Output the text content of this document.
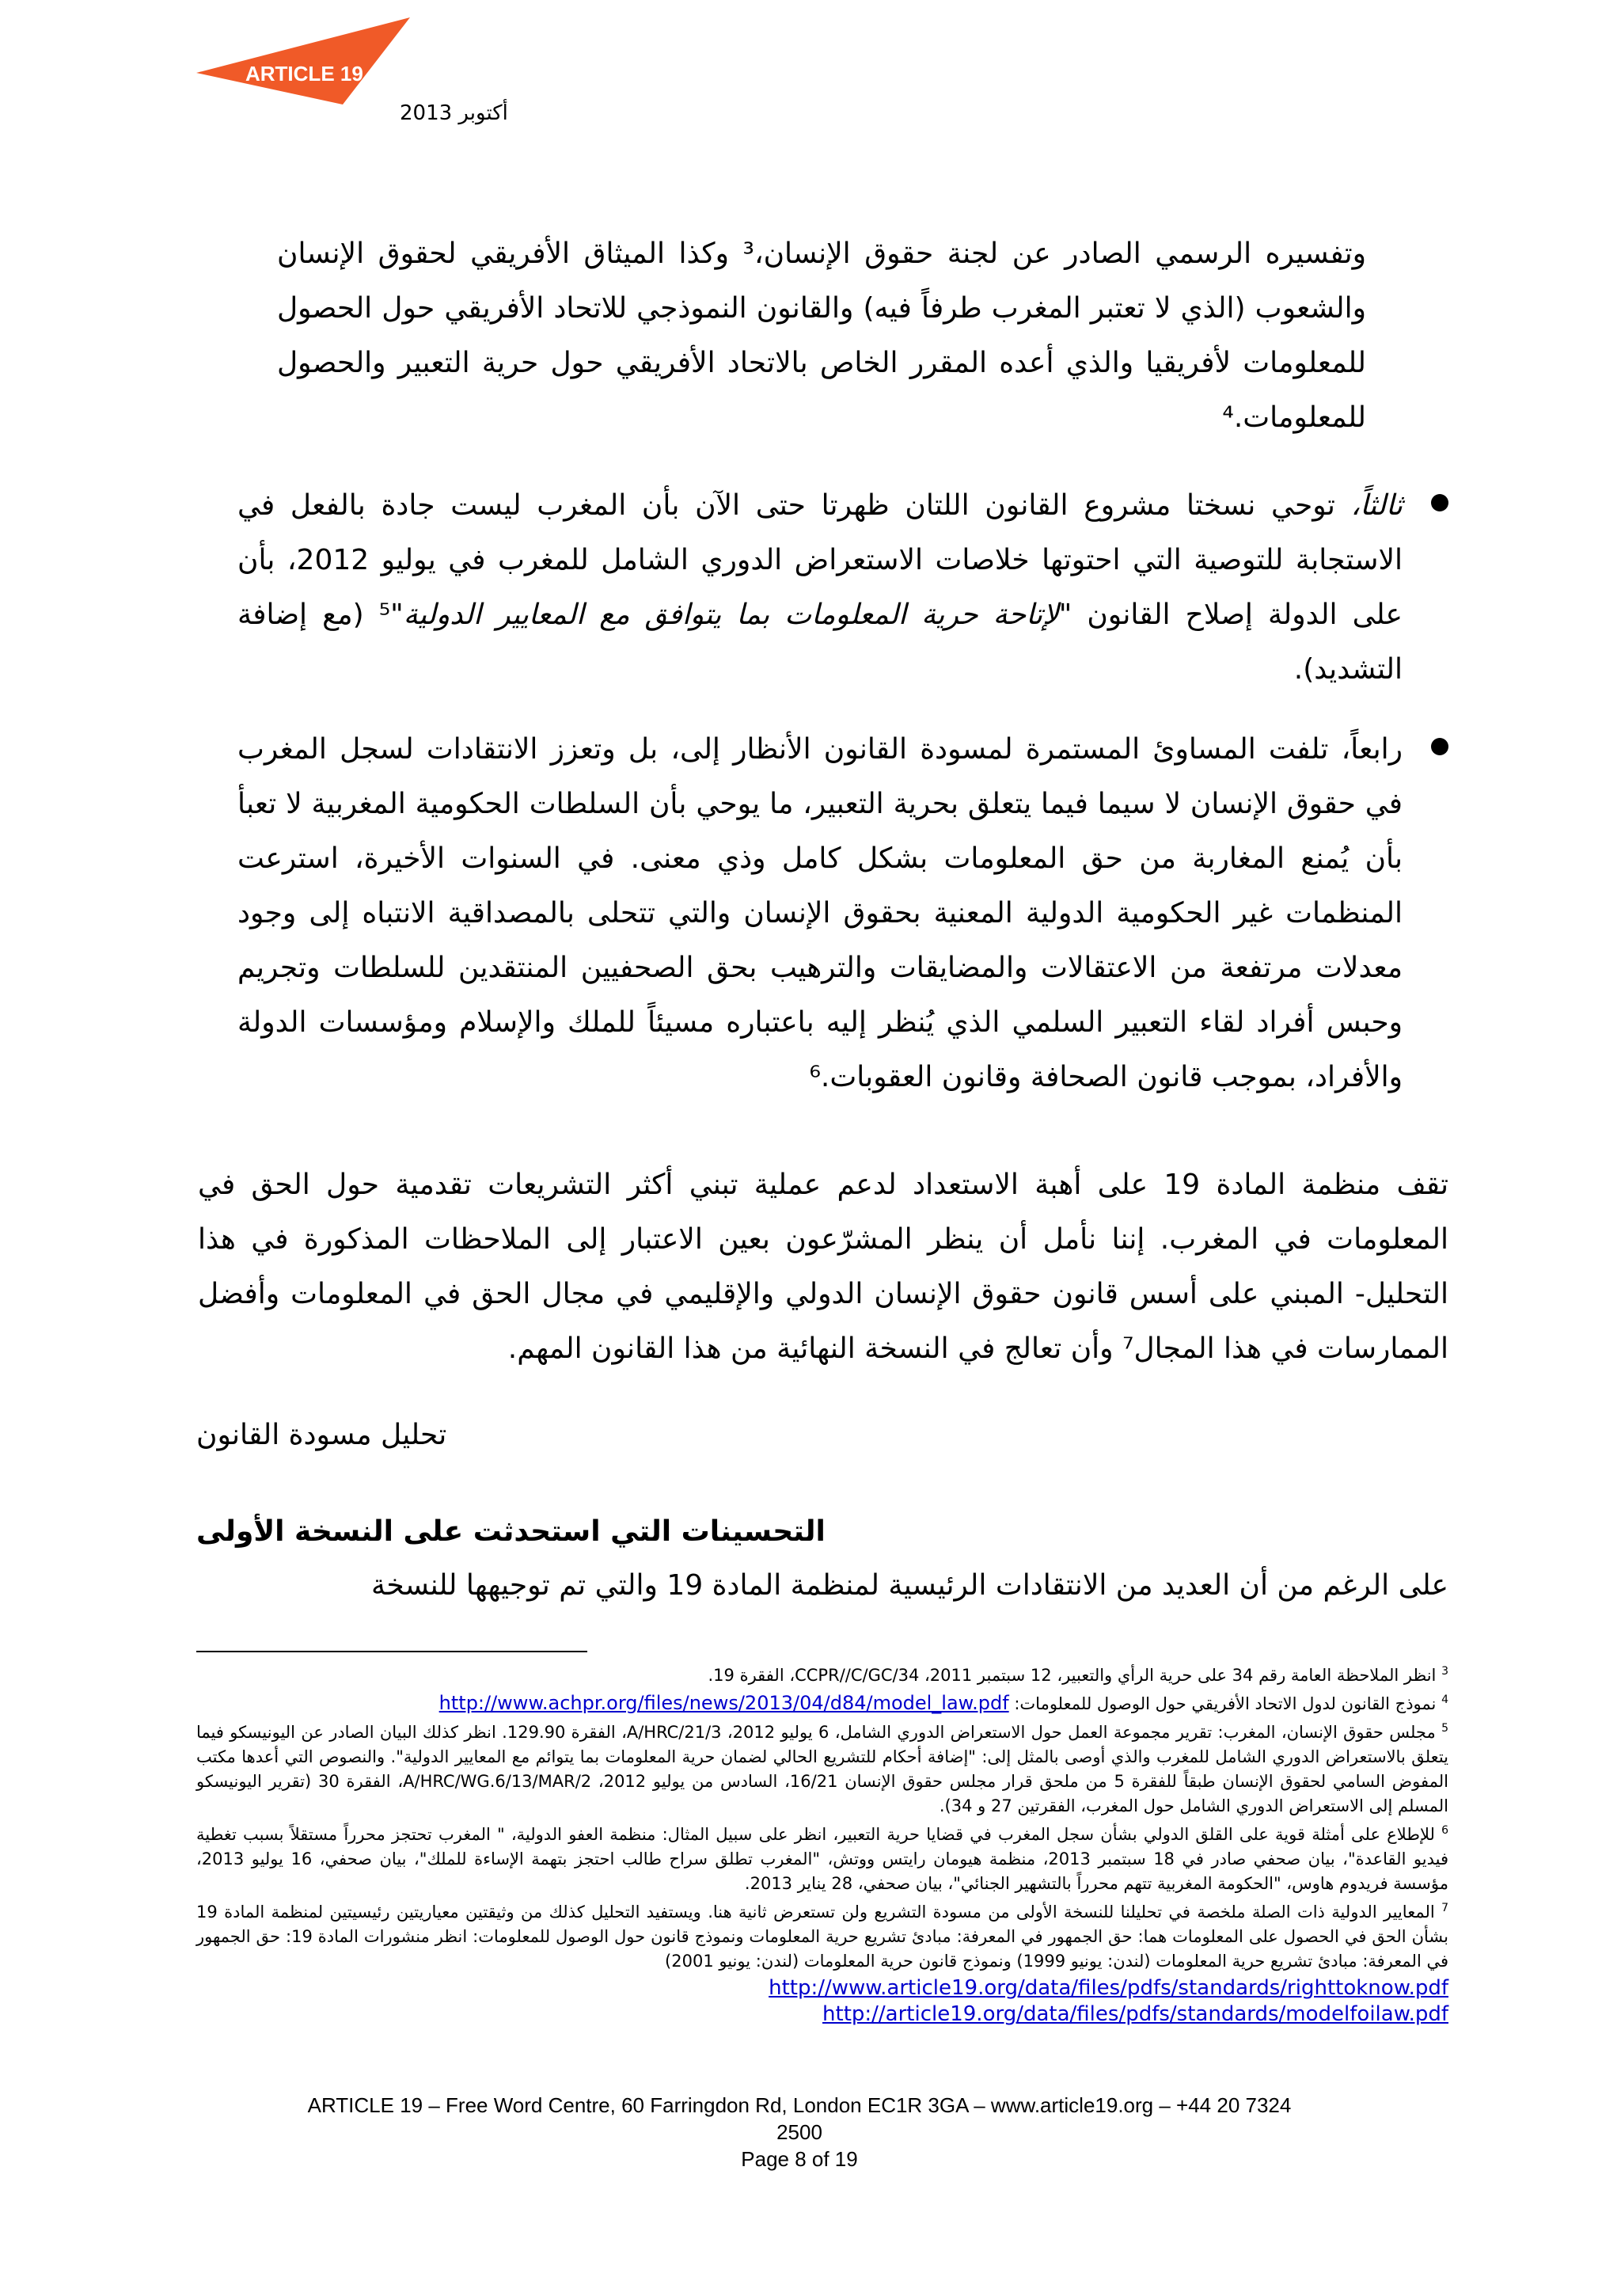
ARTICLE 19
أكتوبر 2013

وتفسيره الرسمي الصادر عن لجنة حقوق الإنسان،³ وكذا الميثاق الأفريقي لحقوق الإنسان والشعوب (الذي لا تعتبر المغرب طرفاً فيه) والقانون النموذجي للاتحاد الأفريقي حول الحصول للمعلومات لأفريقيا والذي أعده المقرر الخاص بالاتحاد الأفريقي حول حرية التعبير والحصول للمعلومات.⁴

ثالثاً، توحي نسختا مشروع القانون اللتان ظهرتا حتى الآن بأن المغرب ليست جادة بالفعل في الاستجابة للتوصية التي احتوتها خلاصات الاستعراض الدوري الشامل للمغرب في يوليو 2012، بأن على الدولة إصلاح القانون "لإتاحة حرية المعلومات بما يتوافق مع المعايير الدولية"⁵ (مع إضافة التشديد).

رابعاً، تلفت المساوئ المستمرة لمسودة القانون الأنظار إلى، بل وتعزز الانتقادات لسجل المغرب في حقوق الإنسان لا سيما فيما يتعلق بحرية التعبير، ما يوحي بأن السلطات الحكومية المغربية لا تعبأ بأن يُمنع المغاربة من حق المعلومات بشكل كامل وذي معنى. في السنوات الأخيرة، استرعت المنظمات غير الحكومية الدولية المعنية بحقوق الإنسان والتي تتحلى بالمصداقية الانتباه إلى وجود معدلات مرتفعة من الاعتقالات والمضايقات والترهيب بحق الصحفيين المنتقدين للسلطات وتجريم وحبس أفراد لقاء التعبير السلمي الذي يُنظر إليه باعتباره مسيئاً للملك والإسلام ومؤسسات الدولة والأفراد، بموجب قانون الصحافة وقانون العقوبات.⁶

تقف منظمة المادة 19 على أهبة الاستعداد لدعم عملية تبني أكثر التشريعات تقدمية حول الحق في المعلومات في المغرب. إننا نأمل أن ينظر المشرّعون بعين الاعتبار إلى الملاحظات المذكورة في هذا التحليل- المبني على أسس قانون حقوق الإنسان الدولي والإقليمي في مجال الحق في المعلومات وأفضل الممارسات في هذا المجال⁷ وأن تعالج في النسخة النهائية من هذا القانون المهم.

تحليل مسودة القانون
التحسينات التي استحدثت على النسخة الأولى

على الرغم من أن العديد من الانتقادات الرئيسية لمنظمة المادة 19 والتي تم توجيهها للنسخة

$^3$ انظر الملاحظة العامة رقم 34 على حرية الرأي والتعبير، 12 سبتمبر 2011، CCPR//C/GC/34، الفقرة 19.

$^4$ نموذج القانون لدول الاتحاد الأفريقي حول الوصول للمعلومات: http://www.achpr.org/files/news/2013/04/d84/model_law.pdf

$^5$ مجلس حقوق الإنسان، المغرب: تقرير مجموعة العمل حول الاستعراض الدوري الشامل، 6 يوليو 2012، A/HRC/21/3، الفقرة 129.90. انظر كذلك البيان الصادر عن اليونيسكو فيما يتعلق بالاستعراض الدوري الشامل للمغرب والذي أوصى بالمثل إلى: "إضافة أحكام للتشريع الحالي لضمان حرية المعلومات بما يتوائم مع المعايير الدولية". والنصوص التي أعدها مكتب المفوض السامي لحقوق الإنسان طبقاً للفقرة 5 من ملحق قرار مجلس حقوق الإنسان 16/21، السادس من يوليو 2012، A/HRC/WG.6/13/MAR/2، الفقرة 30 (تقرير اليونيسكو المسلم إلى الاستعراض الدوري الشامل حول المغرب، الفقرتين 27 و 34).

$^6$ للإطلاع على أمثلة قوية على القلق الدولي بشأن سجل المغرب في قضايا حرية التعبير، انظر على سبيل المثال: منظمة العفو الدولية، " المغرب تحتجز محرراً مستقلاً بسبب تغطية فيديو القاعدة"، بيان صحفي صادر في 18 سبتمبر 2013، منظمة هيومان رايتس ووتش، "المغرب تطلق سراح طالب احتجز بتهمة الإساءة للملك"، بيان صحفي، 16 يوليو 2013، مؤسسة فريدوم هاوس، "الحكومة المغربية تتهم محرراً بالتشهير الجنائي"، بيان صحفي، 28 يناير 2013.

$^7$ المعايير الدولية ذات الصلة ملخصة في تحليلنا للنسخة الأولى من مسودة التشريع ولن تستعرض ثانية هنا. ويستفيد التحليل كذلك من وثيقتين معياريتين رئيسيتين لمنظمة المادة 19 بشأن الحق في الحصول على المعلومات هما: حق الجمهور في المعرفة: مبادئ تشريع حرية المعلومات ونموذج قانون حول الوصول للمعلومات: انظر منشورات المادة 19: حق الجمهور في المعرفة: مبادئ تشريع حرية المعلومات (لندن: يونيو 1999) ونموذج قانون حرية المعلومات (لندن: يونيو 2001)

http://www.article19.org/data/files/pdfs/standards/righttoknow.pdf

http://article19.org/data/files/pdfs/standards/modelfoilaw.pdf

ARTICLE 19 – Free Word Centre, 60 Farringdon Rd, London EC1R 3GA – www.article19.org – +44 20 7324
2500
Page 8 of 19
